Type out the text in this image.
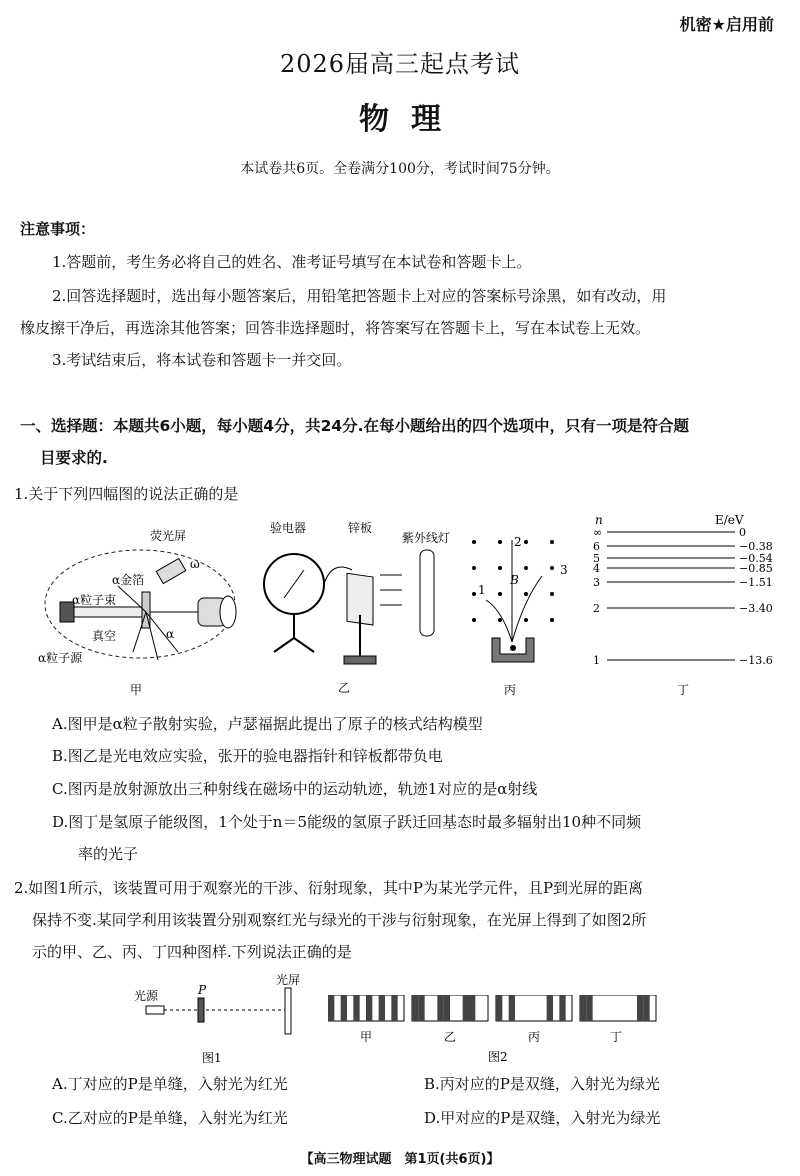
机密★启用前
2026届高三起点考试
物理
本试卷共6页。全卷满分100分，考试时间75分钟。
注意事项：
1.答题前，考生务必将自己的姓名、准考证号填写在本试卷和答题卡上。
2.回答选择题时，选出每小题答案后，用铅笔把答题卡上对应的答案标号涂黑，如有改动，用
橡皮擦干净后，再选涂其他答案；回答非选择题时，将答案写在答题卡上，写在本试卷上无效。
3.考试结束后，将本试卷和答题卡一并交回。
一、选择题：本题共6小题，每小题4分，共24分.在每小题给出的四个选项中，只有一项是符合题
目要求的.
1.关于下列四幅图的说法正确的是
荧光屏
α金箔
α粒子束
真空
α粒子源
ω
α
甲
验电器	锌板
紫外线灯
乙
1
2
3
B
丙
n	E/eV
∞	0
6	−0.38
5	−0.54
4	−0.85
3	−1.51
2	−3.40
1	−13.6
丁
A.图甲是α粒子散射实验，卢瑟福据此提出了原子的核式结构模型
B.图乙是光电效应实验，张开的验电器指针和锌板都带负电
C.图丙是放射源放出三种射线在磁场中的运动轨迹，轨迹1对应的是α射线
D.图丁是氢原子能级图，1个处于n＝5能级的氢原子跃迁回基态时最多辐射出10种不同频
率的光子
2.如图1所示，该装置可用于观察光的干涉、衍射现象，其中P为某光学元件，且P到光屏的距离
保持不变.某同学利用该装置分别观察红光与绿光的干涉与衍射现象，在光屏上得到了如图2所
示的甲、乙、丙、丁四种图样.下列说法正确的是
光源	P
光屏
图1
甲	乙	丙	丁
图2
A.丁对应的P是单缝，入射光为红光	B.丙对应的P是双缝，入射光为绿光
C.乙对应的P是单缝，入射光为红光	D.甲对应的P是双缝，入射光为绿光
【高三物理试题　第1页(共6页)】
